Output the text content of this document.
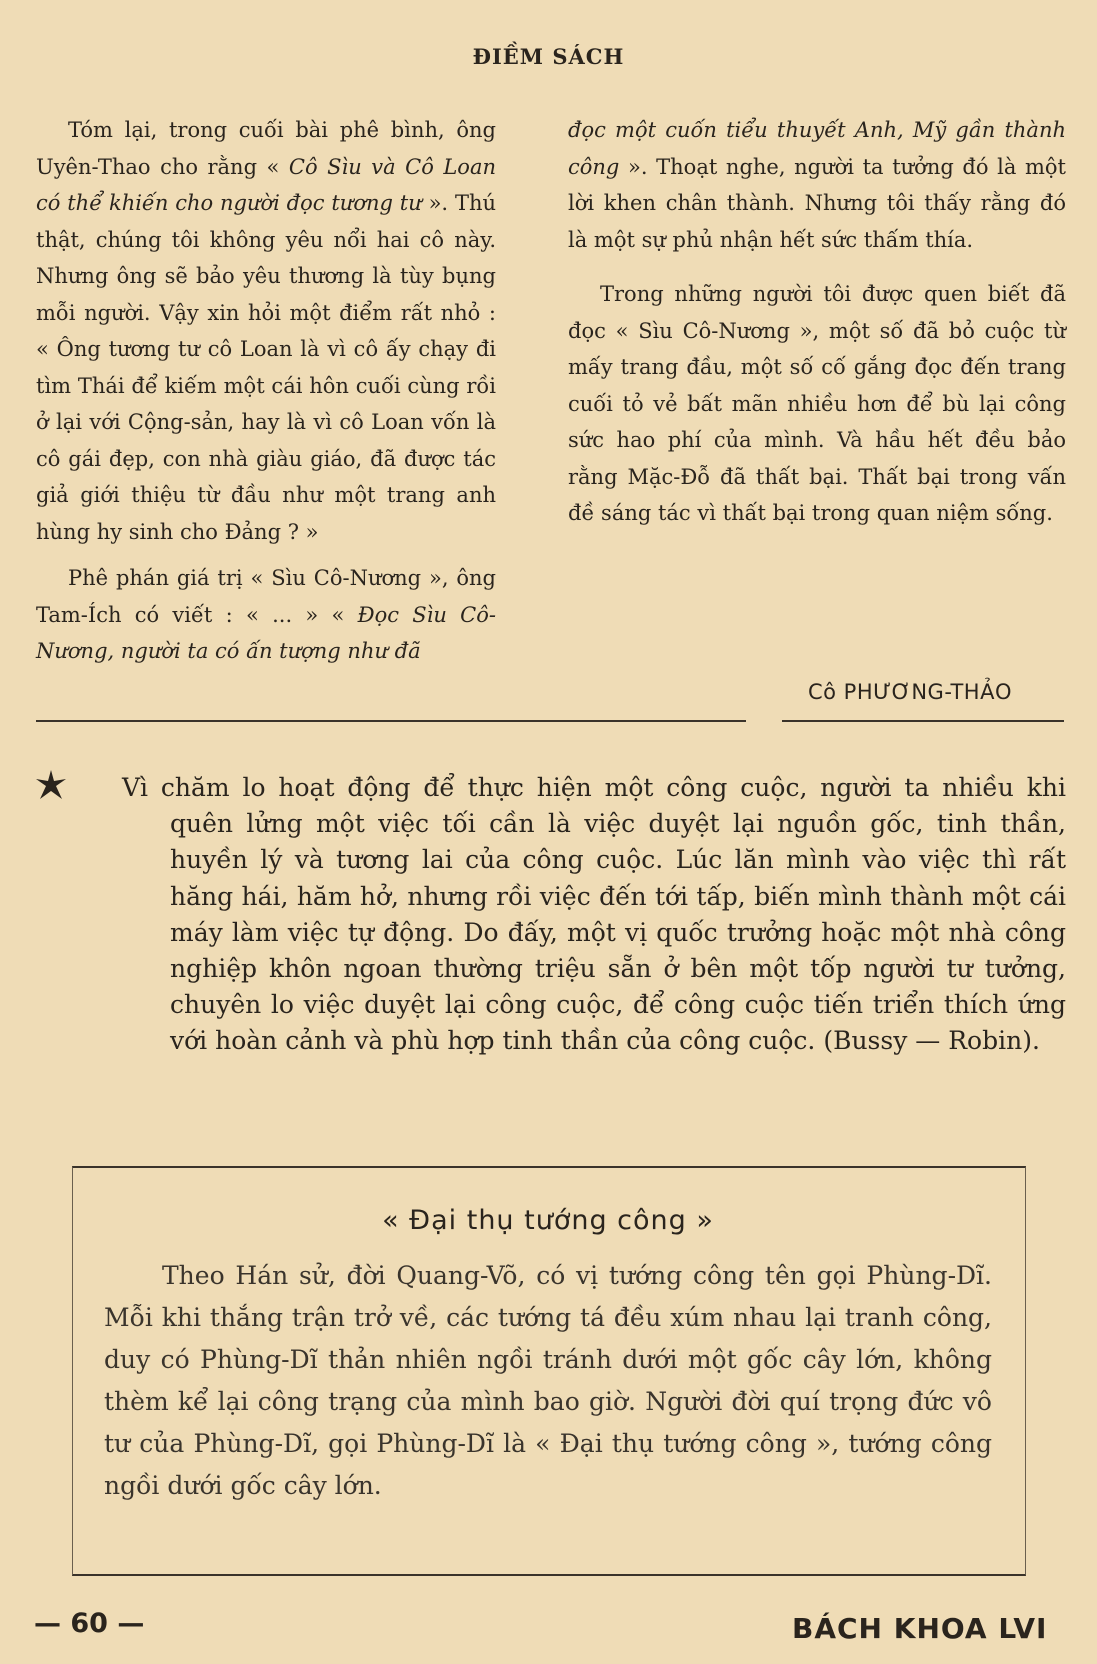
ĐIỀM SÁCH

Tóm lại, trong cuối bài phê bình, ông Uyên-Thao cho rằng « Cô Sìu và Cô Loan có thể khiến cho người đọc tương tư ». Thú thật, chúng tôi không yêu nổi hai cô này. Nhưng ông sẽ bảo yêu thương là tùy bụng mỗi người. Vậy xin hỏi một điểm rất nhỏ : « Ông tương tư cô Loan là vì cô ấy chạy đi tìm Thái để kiếm một cái hôn cuối cùng rồi ở lại với Cộng-sản, hay là vì cô Loan vốn là cô gái đẹp, con nhà giàu giáo, đã được tác giả giới thiệu từ đầu như một trang anh hùng hy sinh cho Đảng ? »

Phê phán giá trị « Sìu Cô-Nương », ông Tam-Ích có viết : « ... » « Đọc Sìu Cô-Nương, người ta có ấn tượng như đã

đọc một cuốn tiểu thuyết Anh, Mỹ gần thành công ». Thoạt nghe, người ta tưởng đó là một lời khen chân thành. Nhưng tôi thấy rằng đó là một sự phủ nhận hết sức thấm thía.

Trong những người tôi được quen biết đã đọc « Sìu Cô-Nương », một số đã bỏ cuộc từ mấy trang đầu, một số cố gắng đọc đến trang cuối tỏ vẻ bất mãn nhiều hơn để bù lại công sức hao phí của mình. Và hầu hết đều bảo rằng Mặc-Đỗ đã thất bại. Thất bại trong vấn đề sáng tác vì thất bại trong quan niệm sống.

Cô PHƯƠNG-THẢO

Vì chăm lo hoạt động để thực hiện một công cuộc, người ta nhiều khi quên lửng một việc tối cần là việc duyệt lại nguồn gốc, tinh thần, huyền lý và tương lai của công cuộc. Lúc lăn mình vào việc thì rất hăng hái, hăm hở, nhưng rồi việc đến tới tấp, biến mình thành một cái máy làm việc tự động. Do đấy, một vị quốc trưởng hoặc một nhà công nghiệp khôn ngoan thường triệu sẵn ở bên một tốp người tư tưởng, chuyên lo việc duyệt lại công cuộc, để công cuộc tiến triển thích ứng với hoàn cảnh và phù hợp tinh thần của công cuộc. (Bussy — Robin).

« Đại thụ tướng công »

Theo Hán sử, đời Quang-Võ, có vị tướng công tên gọi Phùng-Dĩ. Mỗi khi thắng trận trở về, các tướng tá đều xúm nhau lại tranh công, duy có Phùng-Dĩ thản nhiên ngồi tránh dưới một gốc cây lớn, không thèm kể lại công trạng của mình bao giờ. Người đời quí trọng đức vô tư của Phùng-Dĩ, gọi Phùng-Dĩ là « Đại thụ tướng công », tướng công ngồi dưới gốc cây lớn.

— 60 —	BÁCH KHOA LVI
